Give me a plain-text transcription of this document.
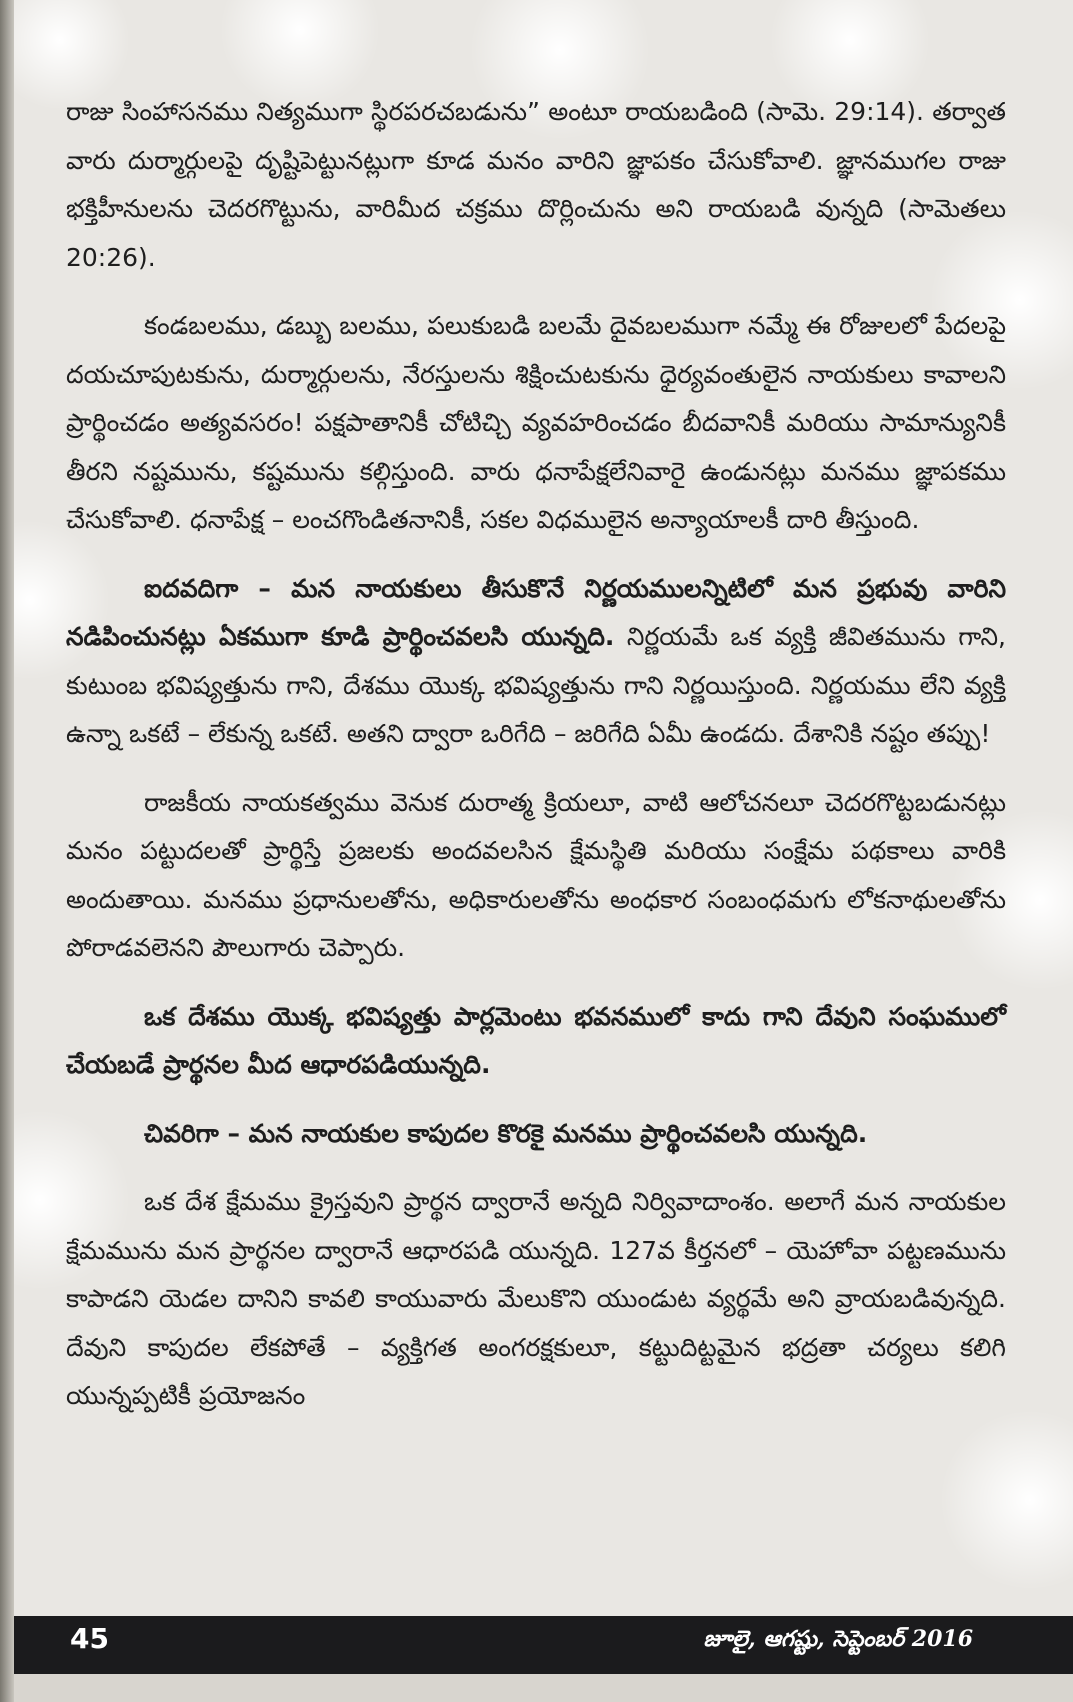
రాజు సింహాసనము నిత్యముగా స్థిరపరచబడును” అంటూ రాయబడింది (సామె. 29:14). తర్వాత వారు దుర్మార్గులపై దృష్టిపెట్టునట్లుగా కూడ మనం వారిని జ్ఞాపకం చేసుకోవాలి. జ్ఞానముగల రాజు భక్తిహీనులను చెదరగొట్టును, వారిమీద చక్రము దొర్లించును అని రాయబడి వున్నది (సామెతలు 20:26).

కండబలము, డబ్బు బలము, పలుకుబడి బలమే దైవబలముగా నమ్మే ఈ రోజులలో పేదలపై దయచూపుటకును, దుర్మార్గులను, నేరస్తులను శిక్షించుటకును ధైర్యవంతులైన నాయకులు కావాలని ప్రార్థించడం అత్యవసరం! పక్షపాతానికీ చోటిచ్చి వ్యవహరించడం బీదవానికీ మరియు సామాన్యునికీ తీరని నష్టమును, కష్టమును కల్గిస్తుంది. వారు ధనాపేక్షలేనివారై ఉండునట్లు మనము జ్ఞాపకము చేసుకోవాలి. ధనాపేక్ష – లంచగొండితనానికీ, సకల విధములైన అన్యాయాలకీ దారి తీస్తుంది.

ఐదవదిగా – మన నాయకులు తీసుకొనే నిర్ణయములన్నిటిలో మన ప్రభువు వారిని నడిపించునట్లు ఏకముగా కూడి ప్రార్థించవలసి యున్నది. నిర్ణయమే ఒక వ్యక్తి జీవితమును గాని, కుటుంబ భవిష్యత్తును గాని, దేశము యొక్క భవిష్యత్తును గాని నిర్ణయిస్తుంది. నిర్ణయము లేని వ్యక్తి ఉన్నా ఒకటే – లేకున్న ఒకటే. అతని ద్వారా ఒరిగేది – జరిగేది ఏమీ ఉండదు. దేశానికి నష్టం తప్పు!

రాజకీయ నాయకత్వము వెనుక దురాత్మ క్రియలూ, వాటి ఆలోచనలూ చెదరగొట్టబడునట్లు మనం పట్టుదలతో ప్రార్థిస్తే ప్రజలకు అందవలసిన క్షేమస్థితి మరియు సంక్షేమ పథకాలు వారికి అందుతాయి. మనము ప్రధానులతోను, అధికారులతోను అంధకార సంబంధమగు లోకనాథులతోను పోరాడవలెనని పౌలుగారు చెప్పారు.

ఒక దేశము యొక్క భవిష్యత్తు పార్లమెంటు భవనములో కాదు గాని దేవుని సంఘములో చేయబడే ప్రార్థనల మీద ఆధారపడియున్నది.

చివరిగా – మన నాయకుల కాపుదల కొరకై మనము ప్రార్థించవలసి యున్నది.

ఒక దేశ క్షేమము క్రైస్తవుని ప్రార్థన ద్వారానే అన్నది నిర్వివాదాంశం. అలాగే మన నాయకుల క్షేమమును మన ప్రార్థనల ద్వారానే ఆధారపడి యున్నది. 127వ కీర్తనలో – యెహోవా పట్టణమును కాపాడని యెడల దానిని కావలి కాయువారు మేలుకొని యుండుట వ్యర్థమే అని వ్రాయబడివున్నది. దేవుని కాపుదల లేకపోతే – వ్యక్తిగత అంగరక్షకులూ, కట్టుదిట్టమైన భద్రతా చర్యలు కలిగి యున్నప్పటికీ ప్రయోజనం

45	జూలై, ఆగష్టు, సెప్టెంబర్ 2016
